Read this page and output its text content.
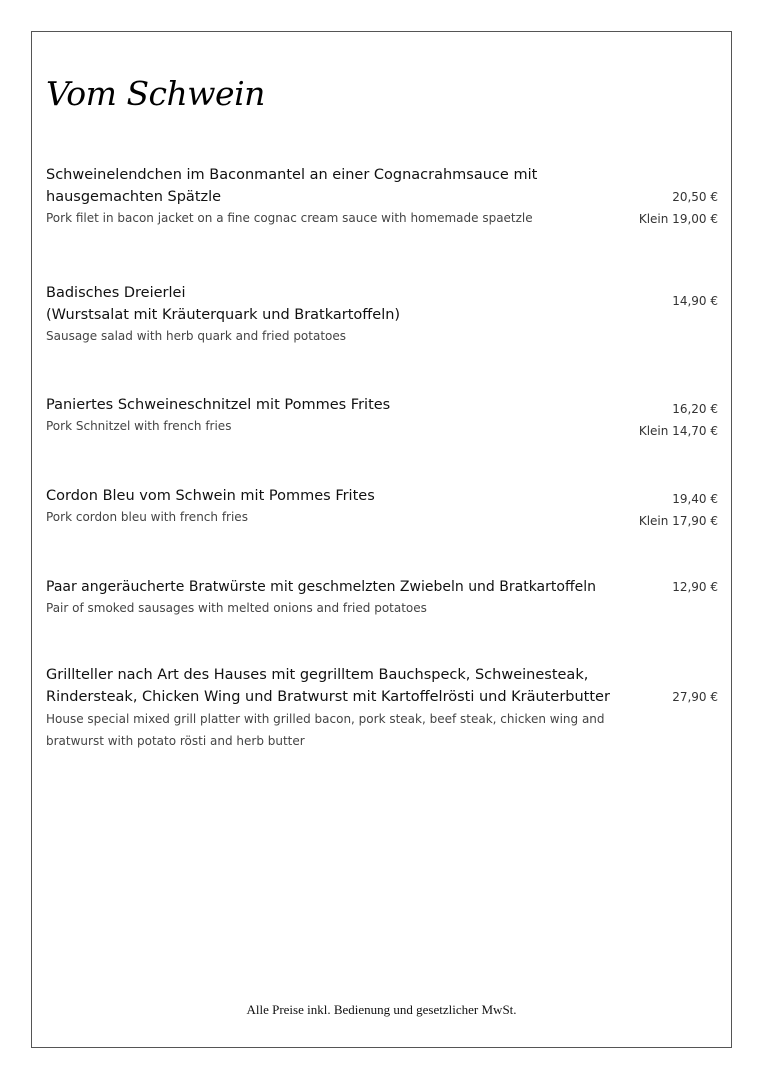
Vom Schwein
Schweinelendchen im Baconmantel an einer Cognacrahmsauce mit hausgemachten Spätzle
Pork filet in bacon jacket on a fine cognac cream sauce with homemade spaetzle
20,50 €
Klein 19,00 €
Badisches Dreierlei
(Wurstsalat mit Kräuterquark und Bratkartoffeln)
Sausage salad with herb quark and fried potatoes
14,90 €
Paniertes Schweineschnitzel mit Pommes Frites
Pork Schnitzel with french fries
16,20 €
Klein 14,70 €
Cordon Bleu vom Schwein mit Pommes Frites
Pork cordon bleu with french fries
19,40 €
Klein 17,90 €
Paar angeräucherte Bratwürste mit geschmelzten Zwiebeln und Bratkartoffeln
Pair of smoked sausages with melted onions and fried potatoes
12,90 €
Grillteller nach Art des Hauses mit gegrilltem Bauchspeck, Schweinesteak, Rindersteak, Chicken Wing und Bratwurst mit Kartoffelrösti und Kräuterbutter
House special mixed grill platter with grilled bacon, pork steak, beef steak, chicken wing and bratwurst with potato rösti and herb butter
27,90 €
Alle Preise inkl. Bedienung und gesetzlicher MwSt.
